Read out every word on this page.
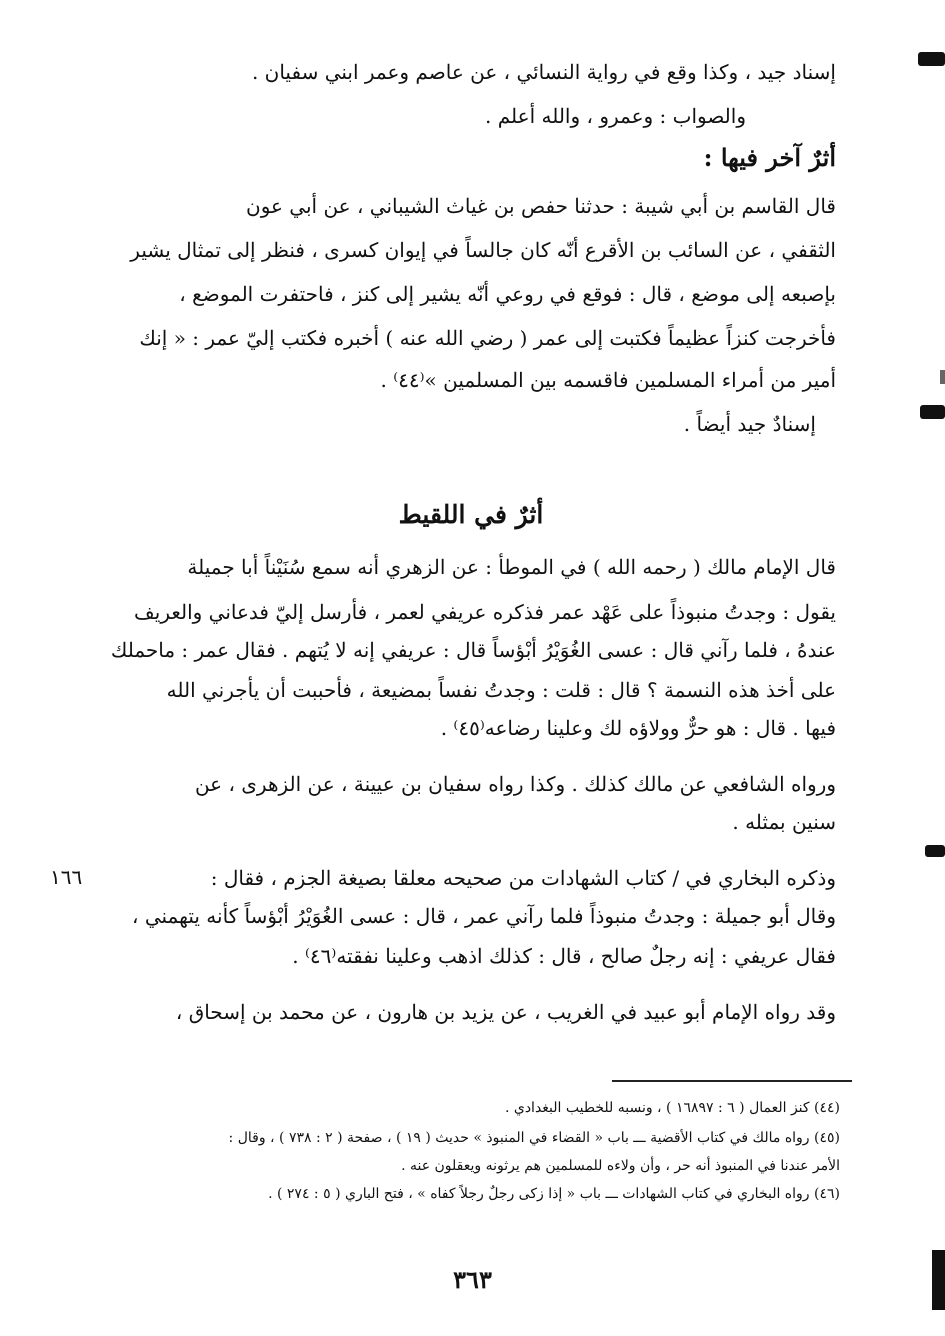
إسناد جيد ، وكذا وقع في رواية النسائي ، عن عاصم وعمر ابني سفيان .
والصواب : وعمرو ، والله أعلم .
أثرٌ آخر فيها :
قال القاسم بن أبي شيبة : حدثنا حفص بن غياث الشيباني ، عن أبي عون
الثقفي ، عن السائب بن الأقرع أنّه كان جالساً في إيوان كسرى ، فنظر إلى تمثال يشير
بإصبعه إلى موضع ، قال : فوقع في روعي أنّه يشير إلى كنز ، فاحتفرت الموضع ،
فأخرجت كنزاً عظيماً فكتبت إلى عمر ( رضي الله عنه ) أخبره فكتب إليّ عمر : « إنك
أمير من أمراء المسلمين فاقسمه بين المسلمين »⁽٤٤⁾ .
إسنادٌ جيد أيضاً .
أثرٌ في اللقيط
قال الإمام مالك ( رحمه الله ) في الموطأ : عن الزهري أنه سمع سُنَيْناً أبا جميلة
يقول : وجدتُ منبوذاً على عَهْد عمر فذكره عريفي لعمر ، فأرسل إليّ فدعاني والعريف
عندهُ ، فلما رآني قال : عسى الغُوَيْرُ أبْؤساً قال : عريفي إنه لا يُتهم . فقال عمر : ماحملك
على أخذ هذه النسمة ؟ قال : قلت : وجدتُ نفساً بمضيعة ، فأحببت أن يأجرني الله
فيها . قال : هو حرٌّ وولاؤه لك وعلينا رضاعه⁽٤٥⁾ .
ورواه الشافعي عن مالك كذلك . وكذا رواه سفيان بن عيينة ، عن الزهرى ، عن
سنين بمثله .
وذكره البخاري في / كتاب الشهادات من صحيحه معلقا بصيغة الجزم ، فقال :
وقال أبو جميلة : وجدتُ منبوذاً فلما رآني عمر ، قال : عسى الغُوَيْرُ أبْؤساً كأنه يتهمني ،
فقال عريفي : إنه رجلٌ صالح ، قال : كذلك اذهب وعلينا نفقته⁽٤٦⁾ .
وقد رواه الإمام أبو عبيد في الغريب ، عن يزيد بن هارون ، عن محمد بن إسحاق ،
١٦٦
(٤٤) كنز العمال ( ٦ : ١٦٨٩٧ ) ، ونسبه للخطيب البغدادي .
(٤٥) رواه مالك في كتاب الأقضية ـــ باب « القضاء في المنبوذ » حديث ( ١٩ ) ، صفحة ( ٢ : ٧٣٨ ) ، وقال :
الأمر عندنا في المنبوذ أنه حر ، وأن ولاءه للمسلمين هم يرثونه ويعقلون عنه .
(٤٦) رواه البخاري في كتاب الشهادات ـــ باب « إذا زكى رجلٌ رجلاً كفاه » ، فتح الباري ( ٥ : ٢٧٤ ) .
٣٦٣
